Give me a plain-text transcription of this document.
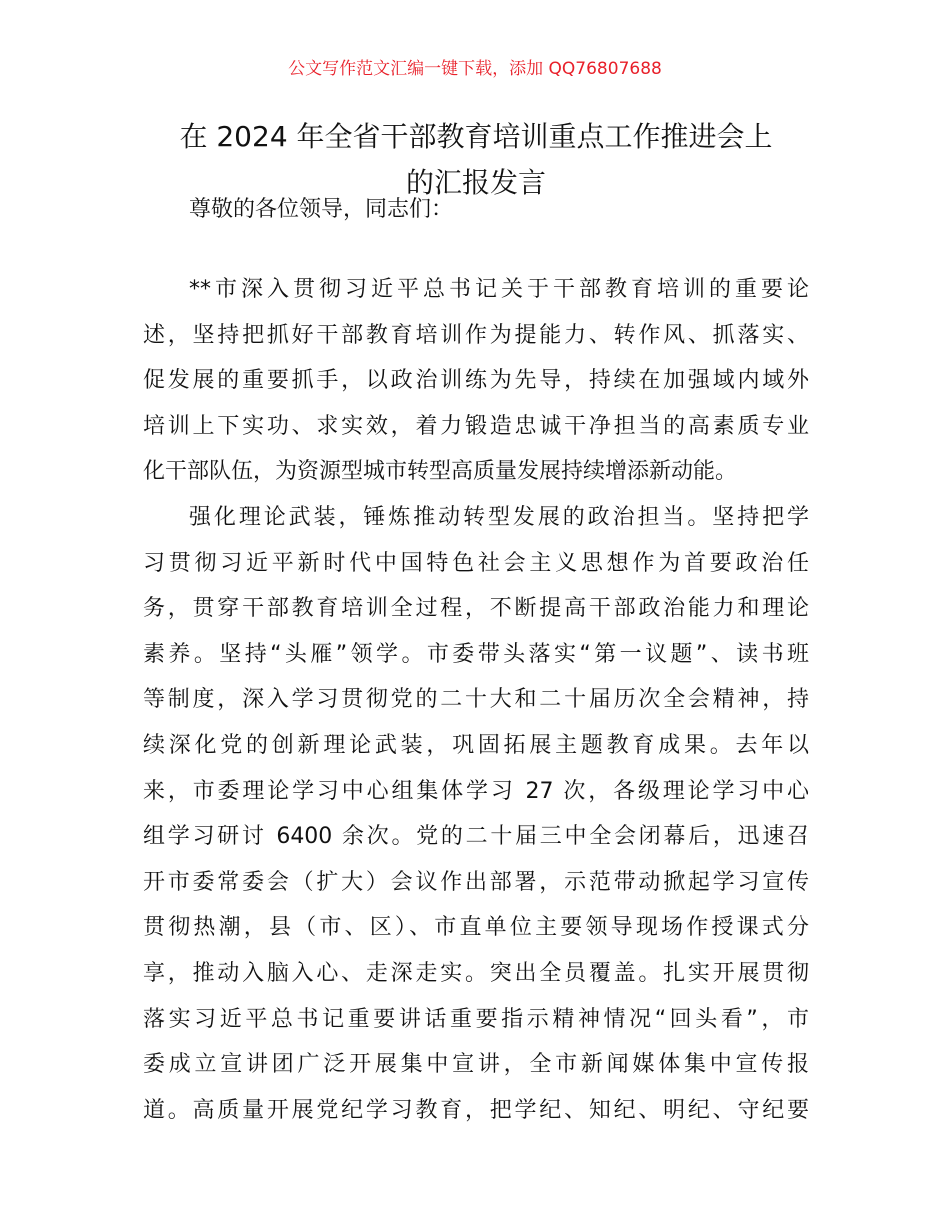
公文写作范文汇编一键下载，添加 QQ76807688
在 2024 年全省干部教育培训重点工作推进会上
的汇报发言
尊敬的各位领导，同志们：
**市深入贯彻习近平总书记关于干部教育培训的重要论
述，坚持把抓好干部教育培训作为提能力、转作风、抓落实、
促发展的重要抓手，以政治训练为先导，持续在加强域内域外
培训上下实功、求实效，着力锻造忠诚干净担当的高素质专业
化干部队伍，为资源型城市转型高质量发展持续增添新动能。
强化理论武装，锤炼推动转型发展的政治担当。坚持把学
习贯彻习近平新时代中国特色社会主义思想作为首要政治任
务，贯穿干部教育培训全过程，不断提高干部政治能力和理论
素养。坚持“头雁”领学。市委带头落实“第一议题”、读书班
等制度，深入学习贯彻党的二十大和二十届历次全会精神，持
续深化党的创新理论武装，巩固拓展主题教育成果。去年以
来，市委理论学习中心组集体学习 27 次，各级理论学习中心
组学习研讨 6400 余次。党的二十届三中全会闭幕后，迅速召
开市委常委会（扩大）会议作出部署，示范带动掀起学习宣传
贯彻热潮，县（市、区）、市直单位主要领导现场作授课式分
享，推动入脑入心、走深走实。突出全员覆盖。扎实开展贯彻
落实习近平总书记重要讲话重要指示精神情况“回头看”，市
委成立宣讲团广泛开展集中宣讲，全市新闻媒体集中宣传报
道。高质量开展党纪学习教育，把学纪、知纪、明纪、守纪要
